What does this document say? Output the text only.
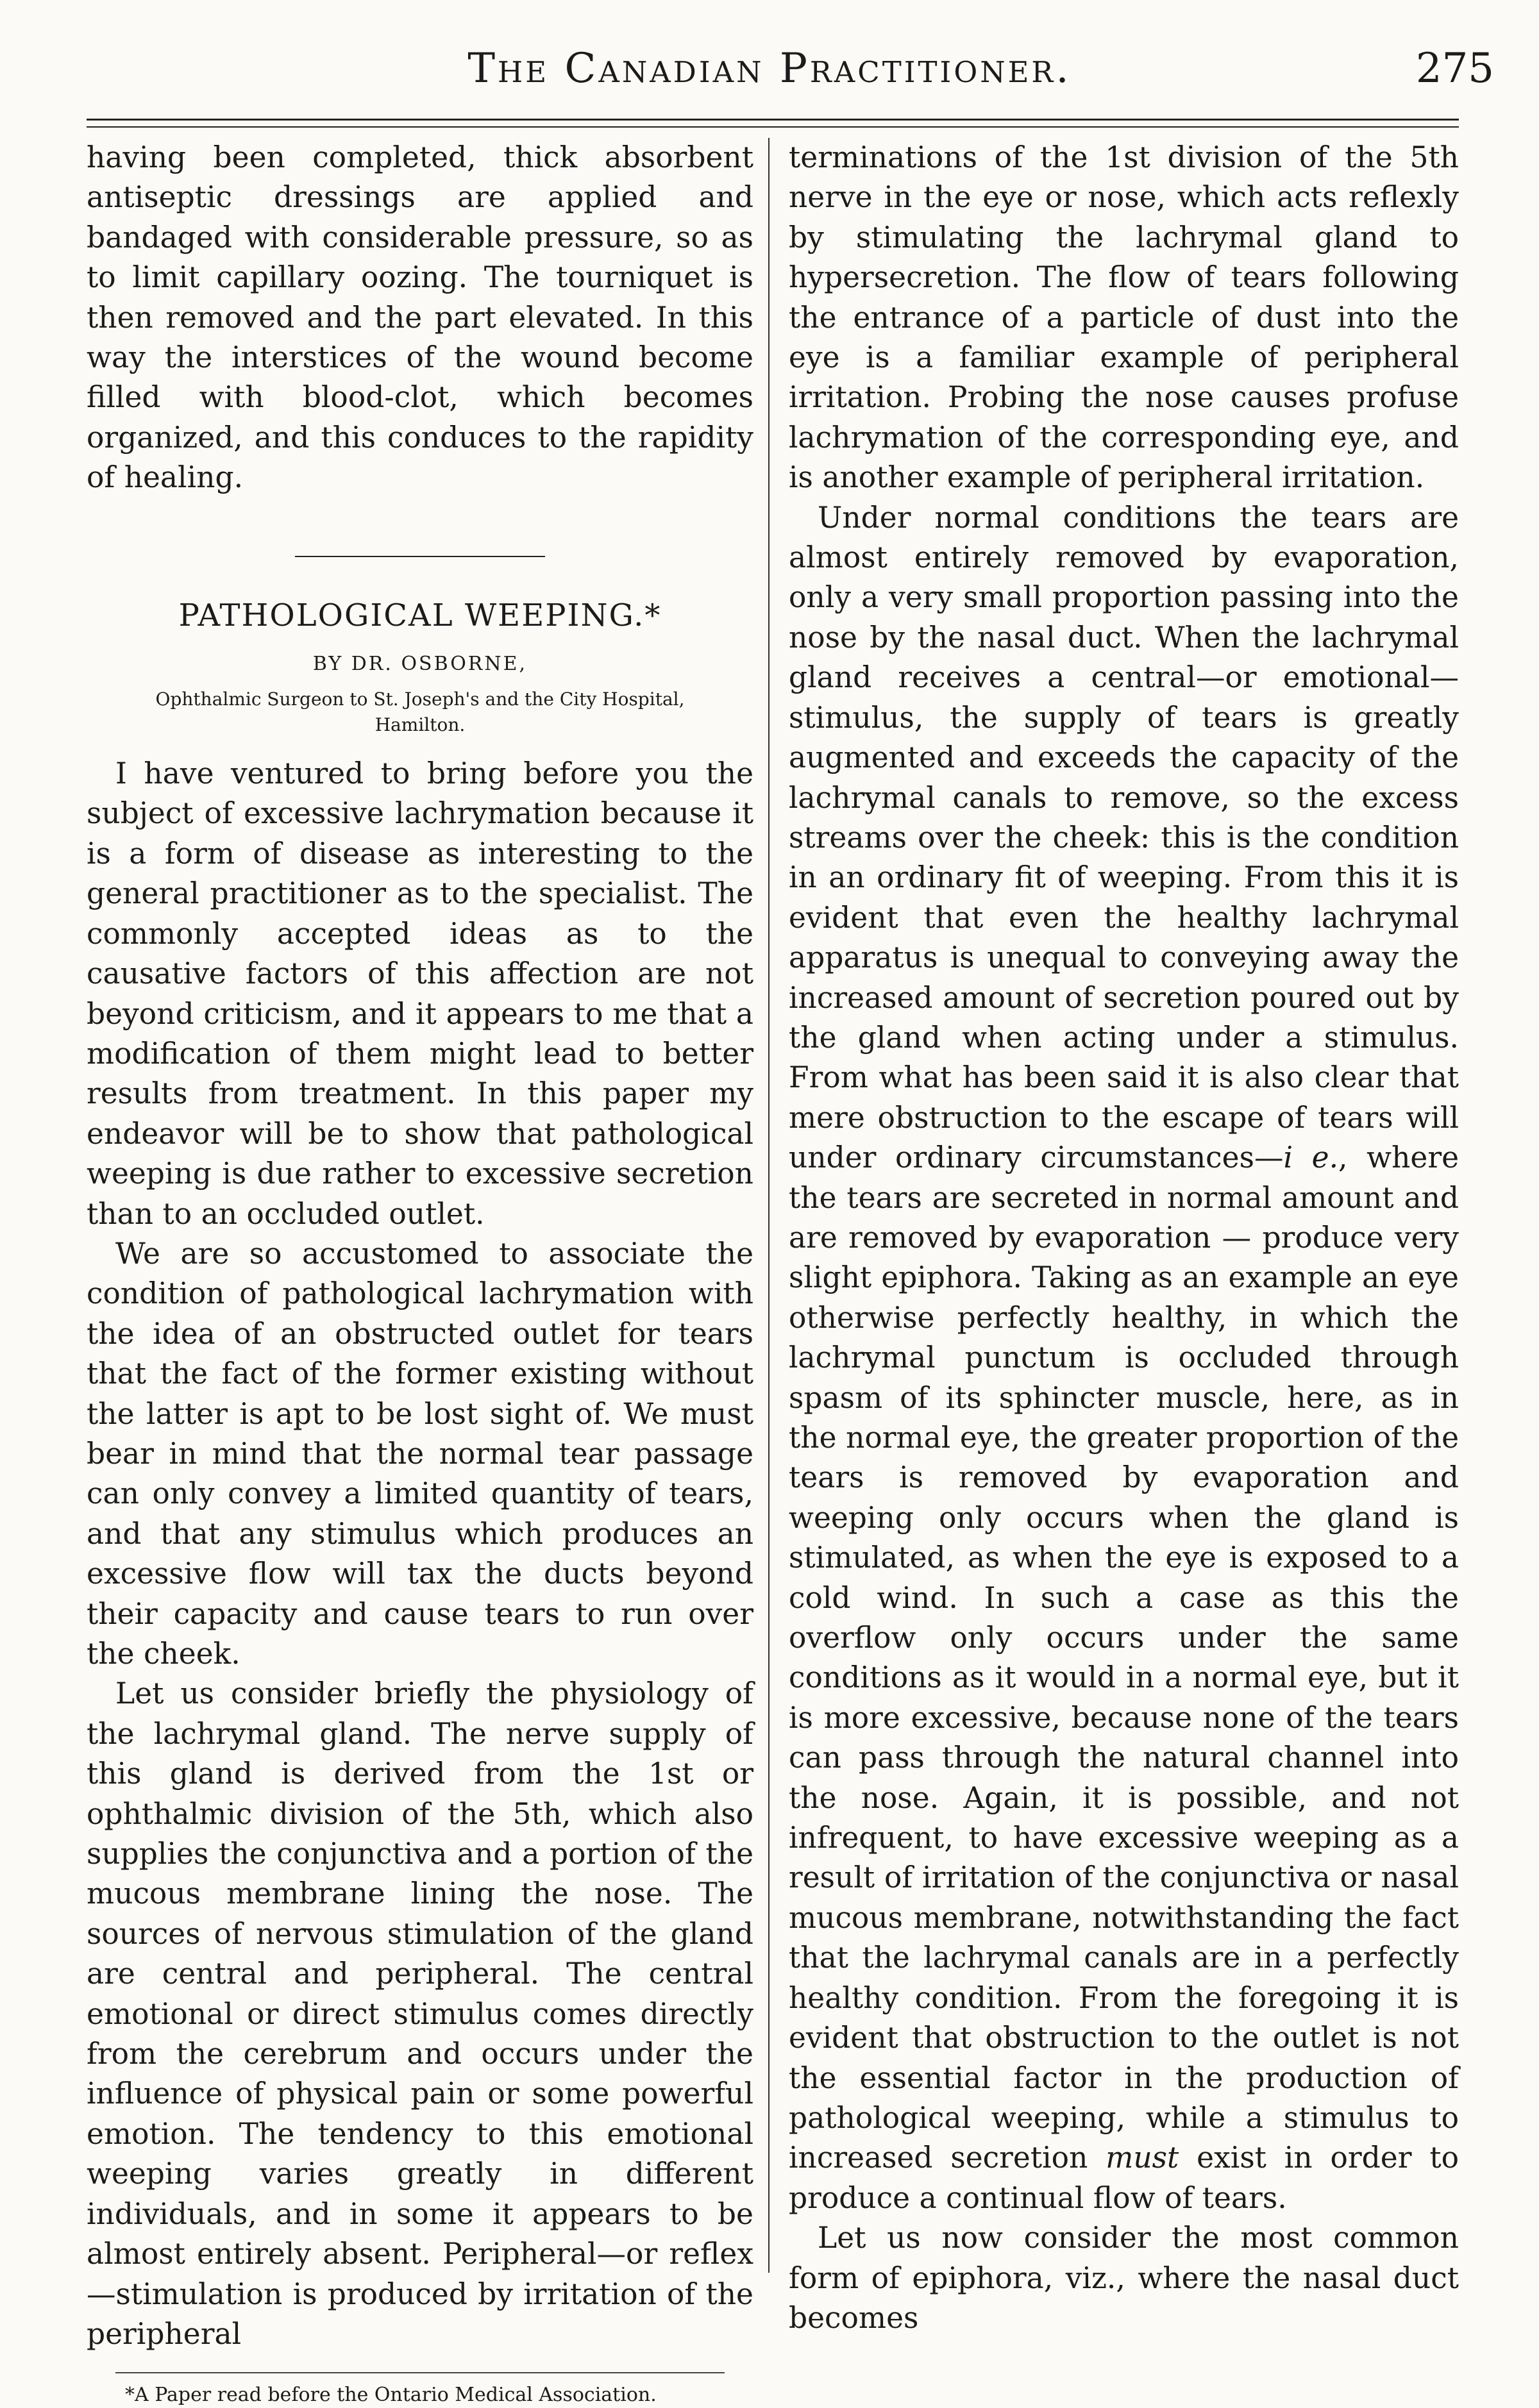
The Canadian Practitioner.	275

having been completed, thick absorbent antiseptic dressings are applied and bandaged with considerable pressure, so as to limit capillary oozing. The tourniquet is then removed and the part elevated. In this way the interstices of the wound become filled with blood-clot, which becomes organized, and this conduces to the rapidity of healing.

PATHOLOGICAL WEEPING.*
BY DR. OSBORNE,
Ophthalmic Surgeon to St. Joseph's and the City Hospital, Hamilton.

I have ventured to bring before you the subject of excessive lachrymation because it is a form of disease as interesting to the general practitioner as to the specialist. The commonly accepted ideas as to the causative factors of this affection are not beyond criticism, and it appears to me that a modification of them might lead to better results from treatment. In this paper my endeavor will be to show that pathological weeping is due rather to excessive secretion than to an occluded outlet.

We are so accustomed to associate the condition of pathological lachrymation with the idea of an obstructed outlet for tears that the fact of the former existing without the latter is apt to be lost sight of. We must bear in mind that the normal tear passage can only convey a limited quantity of tears, and that any stimulus which produces an excessive flow will tax the ducts beyond their capacity and cause tears to run over the cheek.

Let us consider briefly the physiology of the lachrymal gland. The nerve supply of this gland is derived from the 1st or ophthalmic division of the 5th, which also supplies the conjunctiva and a portion of the mucous membrane lining the nose. The sources of nervous stimulation of the gland are central and peripheral. The central emotional or direct stimulus comes directly from the cerebrum and occurs under the influence of physical pain or some powerful emotion. The tendency to this emotional weeping varies greatly in different individuals, and in some it appears to be almost entirely absent. Peripheral—or reflex—stimulation is produced by irritation of the peripheral

*A Paper read before the Ontario Medical Association.

terminations of the 1st division of the 5th nerve in the eye or nose, which acts reflexly by stimulating the lachrymal gland to hypersecretion. The flow of tears following the entrance of a particle of dust into the eye is a familiar example of peripheral irritation. Probing the nose causes profuse lachrymation of the corresponding eye, and is another example of peripheral irritation.

Under normal conditions the tears are almost entirely removed by evaporation, only a very small proportion passing into the nose by the nasal duct. When the lachrymal gland receives a central—or emotional—stimulus, the supply of tears is greatly augmented and exceeds the capacity of the lachrymal canals to remove, so the excess streams over the cheek: this is the condition in an ordinary fit of weeping. From this it is evident that even the healthy lachrymal apparatus is unequal to conveying away the increased amount of secretion poured out by the gland when acting under a stimulus. From what has been said it is also clear that mere obstruction to the escape of tears will under ordinary circumstances—i e., where the tears are secreted in normal amount and are removed by evaporation — produce very slight epiphora. Taking as an example an eye otherwise perfectly healthy, in which the lachrymal punctum is occluded through spasm of its sphincter muscle, here, as in the normal eye, the greater proportion of the tears is removed by evaporation and weeping only occurs when the gland is stimulated, as when the eye is exposed to a cold wind. In such a case as this the overflow only occurs under the same conditions as it would in a normal eye, but it is more excessive, because none of the tears can pass through the natural channel into the nose. Again, it is possible, and not infrequent, to have excessive weeping as a result of irritation of the conjunctiva or nasal mucous membrane, notwithstanding the fact that the lachrymal canals are in a perfectly healthy condition. From the foregoing it is evident that obstruction to the outlet is not the essential factor in the production of pathological weeping, while a stimulus to increased secretion must exist in order to produce a continual flow of tears.

Let us now consider the most common form of epiphora, viz., where the nasal duct becomes
